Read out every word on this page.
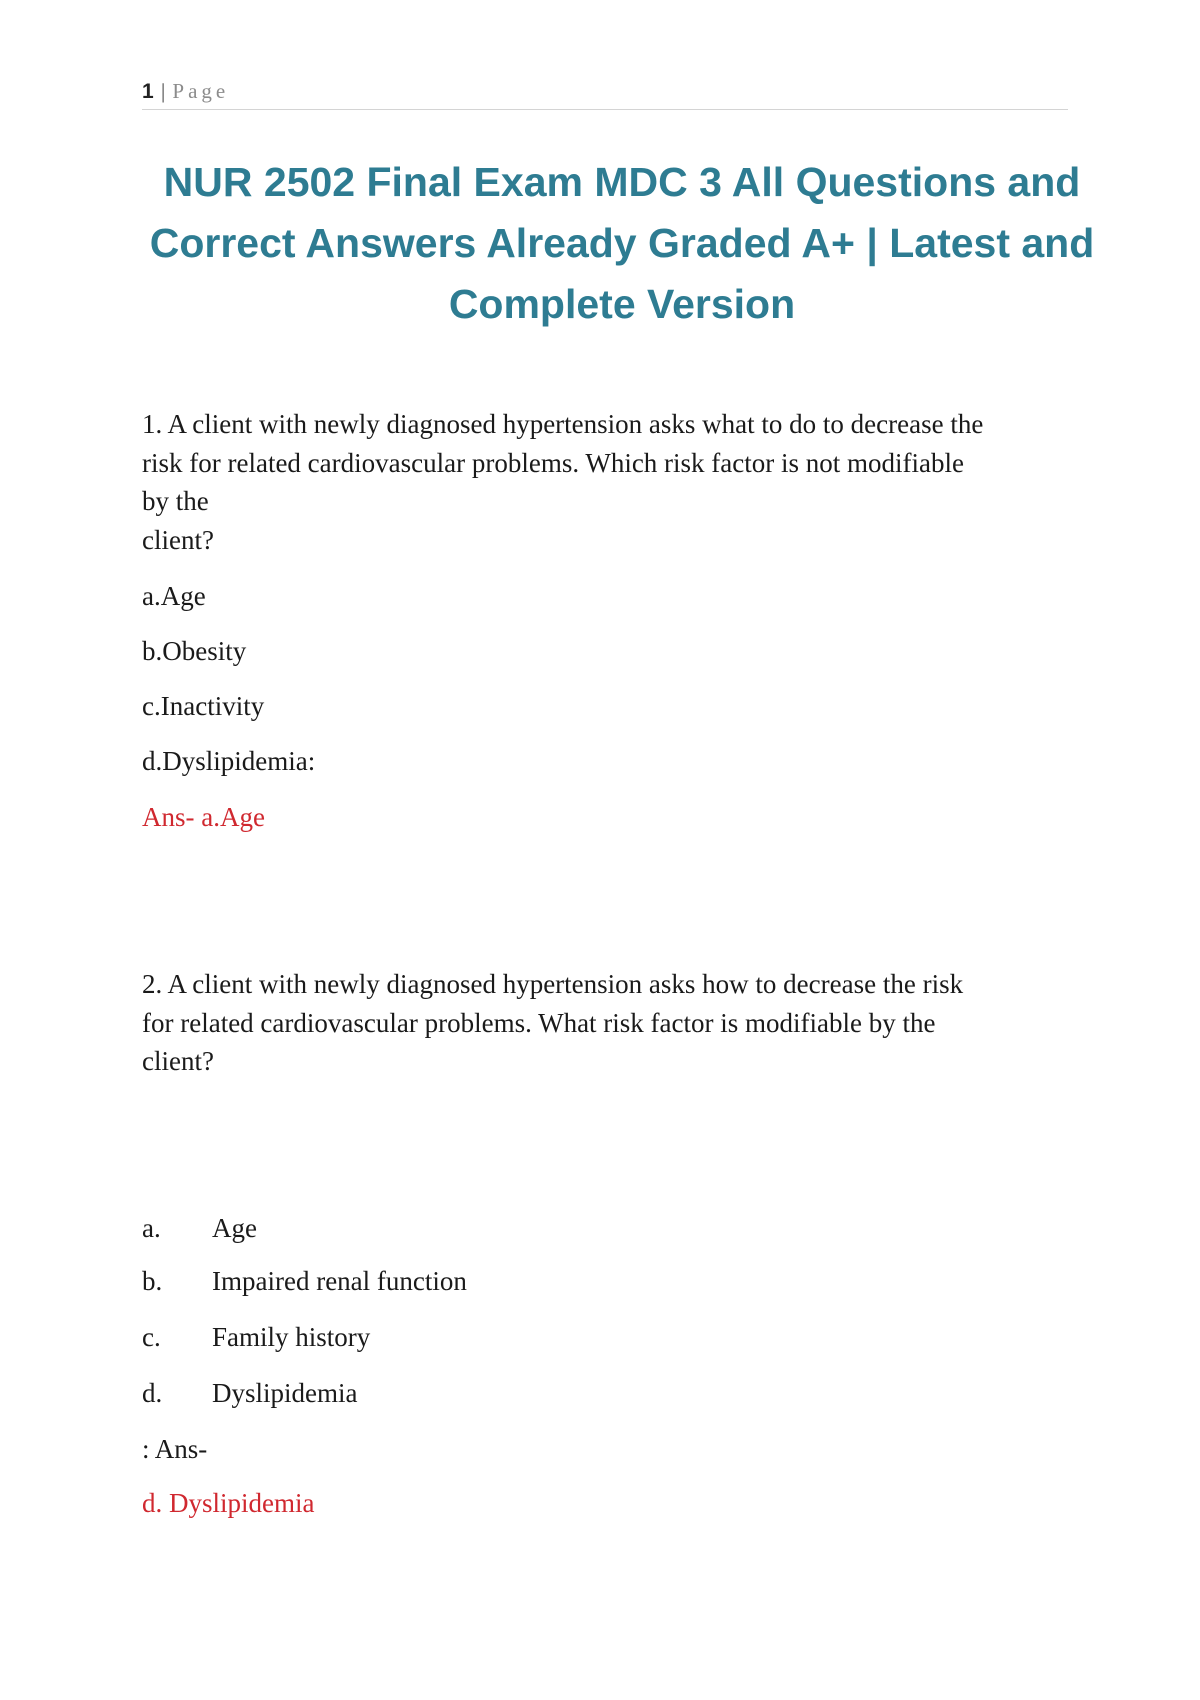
1 | Page
NUR 2502 Final Exam MDC 3 All Questions and
Correct Answers Already Graded A+ | Latest and
Complete Version
1. A client with newly diagnosed hypertension asks what to do to decrease the
risk for related cardiovascular problems. Which risk factor is not modifiable
by the
client?
a.Age
b.Obesity
c.Inactivity
d.Dyslipidemia:
Ans- a.Age
2. A client with newly diagnosed hypertension asks how to decrease the risk
for related cardiovascular problems. What risk factor is modifiable by the
client?
a. Age
b. Impaired renal function
c. Family history
d. Dyslipidemia
: Ans-
d. Dyslipidemia
